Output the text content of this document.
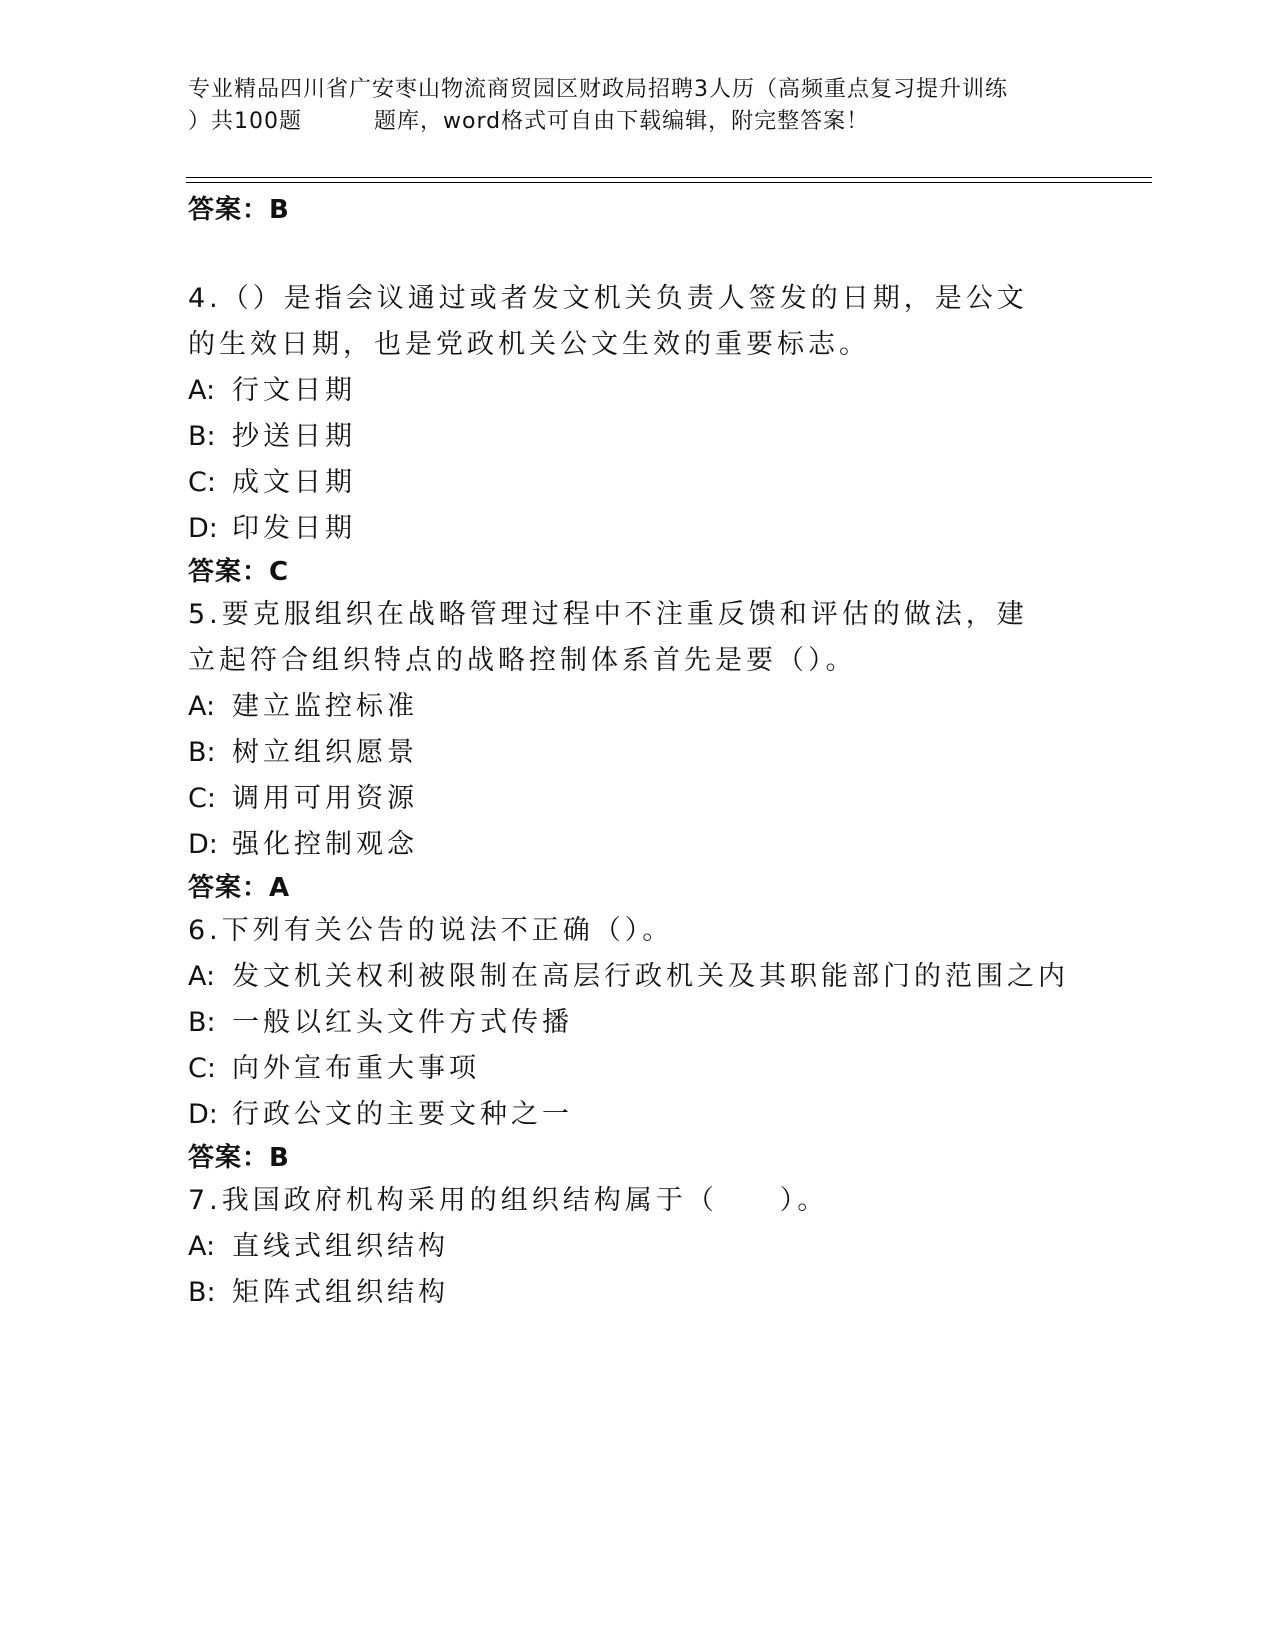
专业精品四川省广安枣山物流商贸园区财政局招聘3人历（高频重点复习提升训练
）共100题	题库，word格式可自由下载编辑，附完整答案！
答案：B
4.（）是指会议通过或者发文机关负责人签发的日期，是公文的生效日期，也是党政机关公文生效的重要标志。
A: 行文日期
B: 抄送日期
C: 成文日期
D: 印发日期
答案：C
5.要克服组织在战略管理过程中不注重反馈和评估的做法，建立起符合组织特点的战略控制体系首先是要（）。
A: 建立监控标准
B: 树立组织愿景
C: 调用可用资源
D: 强化控制观念
答案：A
6.下列有关公告的说法不正确（）。
A: 发文机关权利被限制在高层行政机关及其职能部门的范围之内
B: 一般以红头文件方式传播
C: 向外宣布重大事项
D: 行政公文的主要文种之一
答案：B
7.我国政府机构采用的组织结构属于（　　）。
A: 直线式组织结构
B: 矩阵式组织结构
